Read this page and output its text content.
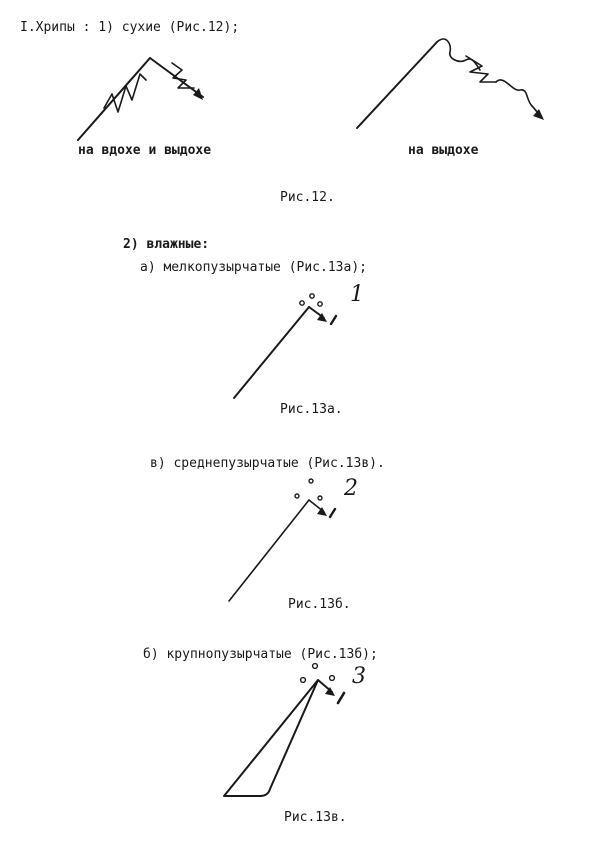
I.Хрипы : 1) сухие (Рис.12);
на вдохе и выдохе	на выдохе
Рис.12.
2) влажные:
а) мелкопузырчатые (Рис.13а);
1
Рис.13а.
в) среднепузырчатые (Рис.13в).
2
Рис.13б.
б) крупнопузырчатые (Рис.13б);
3
Рис.13в.
